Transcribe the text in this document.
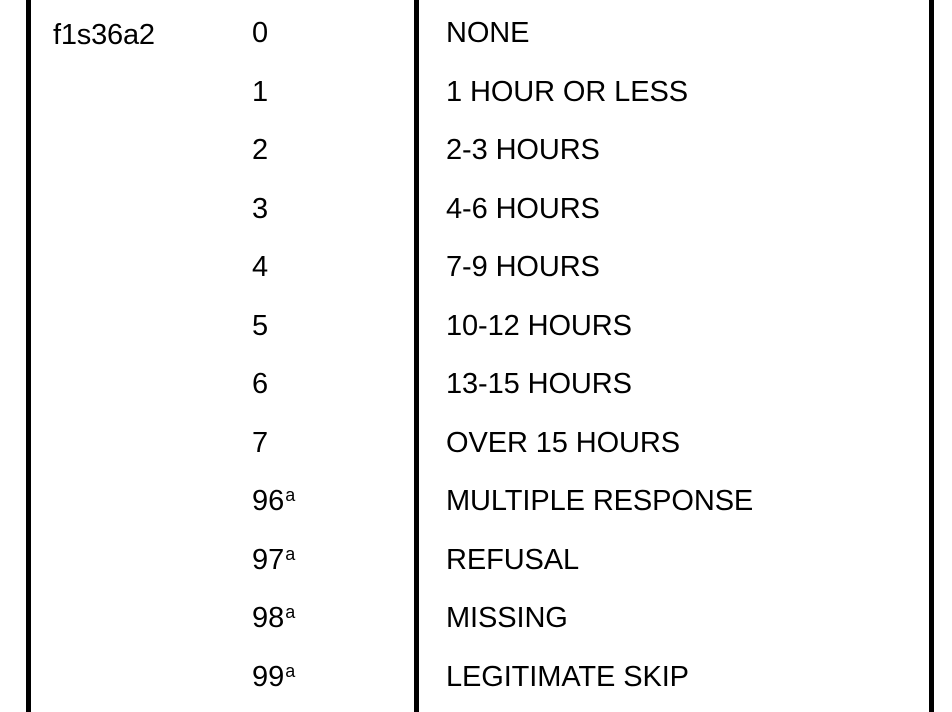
f1s36a2	0	NONE
1	1 HOUR OR LESS
2	2-3 HOURS
3	4-6 HOURS
4	7-9 HOURS
5	10-12 HOURS
6	13-15 HOURS
7	OVER 15 HOURS
96$^a$	MULTIPLE RESPONSE
97$^a$	REFUSAL
98$^a$	MISSING
99$^a$	LEGITIMATE SKIP
